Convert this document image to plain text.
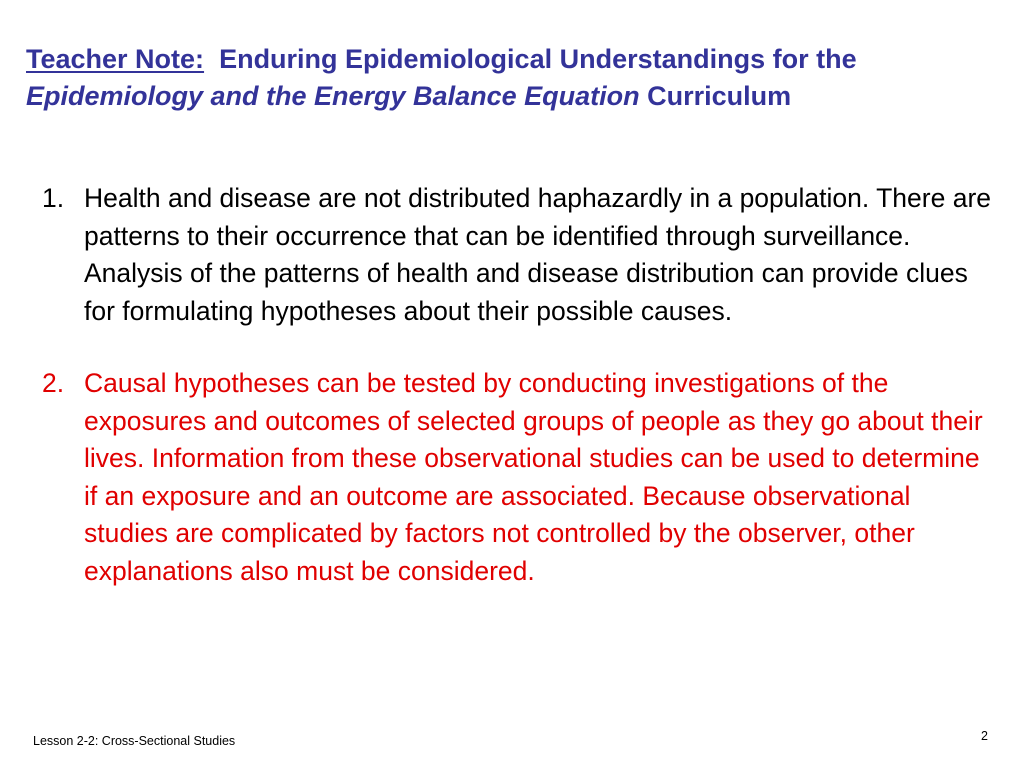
Teacher Note: Enduring Epidemiological Understandings for the Epidemiology and the Energy Balance Equation Curriculum
1. Health and disease are not distributed haphazardly in a population. There are patterns to their occurrence that can be identified through surveillance. Analysis of the patterns of health and disease distribution can provide clues for formulating hypotheses about their possible causes.
2. Causal hypotheses can be tested by conducting investigations of the exposures and outcomes of selected groups of people as they go about their lives. Information from these observational studies can be used to determine if an exposure and an outcome are associated. Because observational studies are complicated by factors not controlled by the observer, other explanations also must be considered.
Lesson 2-2: Cross-Sectional Studies	2
